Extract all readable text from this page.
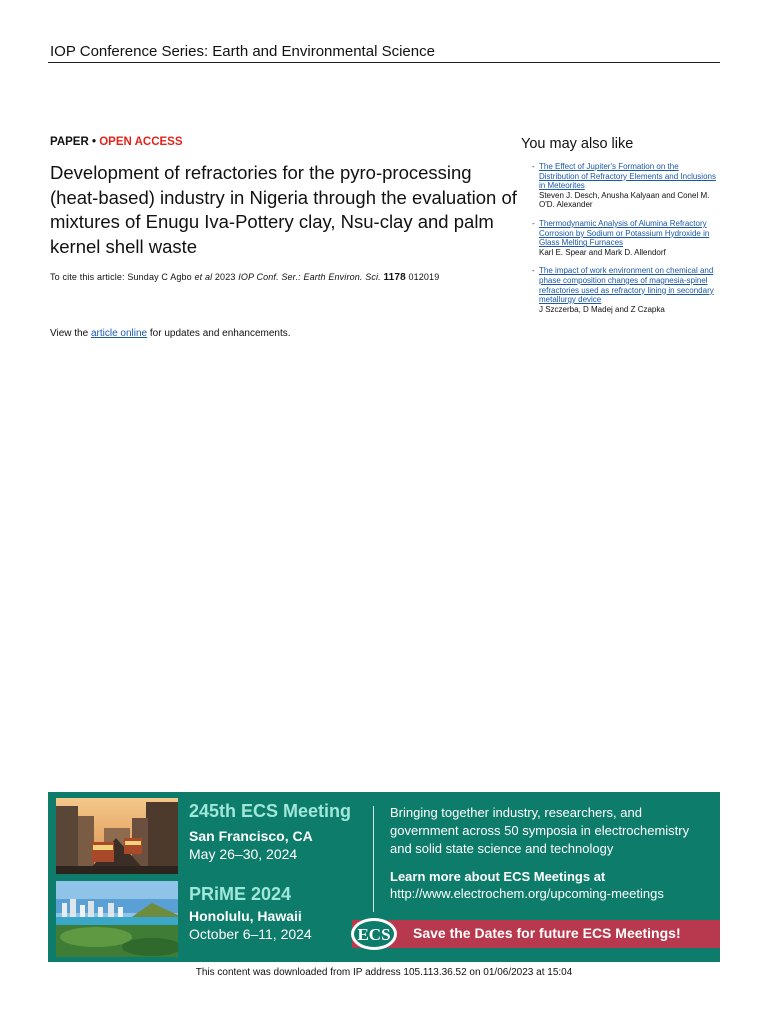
IOP Conference Series: Earth and Environmental Science
PAPER • OPEN ACCESS
Development of refractories for the pyro-processing (heat-based) industry in Nigeria through the evaluation of mixtures of Enugu Iva-Pottery clay, Nsu-clay and palm kernel shell waste
To cite this article: Sunday C Agbo et al 2023 IOP Conf. Ser.: Earth Environ. Sci. 1178 012019
View the article online for updates and enhancements.
You may also like
- The Effect of Jupiter's Formation on the Distribution of Refractory Elements and Inclusions in Meteorites
Steven J. Desch, Anusha Kalyaan and Conel M. O'D. Alexander
- Thermodynamic Analysis of Alumina Refractory Corrosion by Sodium or Potassium Hydroxide in Glass Melting Furnaces
Karl E. Spear and Mark D. Allendorf
- The impact of work environment on chemical and phase composition changes of magnesia-spinel refractories used as refractory lining in secondary metallurgy device
J Szczerba, D Madej and Z Czapka
245th ECS Meeting
San Francisco, CA
May 26–30, 2024
PRiME 2024
Honolulu, Hawaii
October 6–11, 2024
Bringing together industry, researchers, and government across 50 symposia in electrochemistry and solid state science and technology
Learn more about ECS Meetings at
http://www.electrochem.org/upcoming-meetings
ECS Save the Dates for future ECS Meetings!
This content was downloaded from IP address 105.113.36.52 on 01/06/2023 at 15:04
